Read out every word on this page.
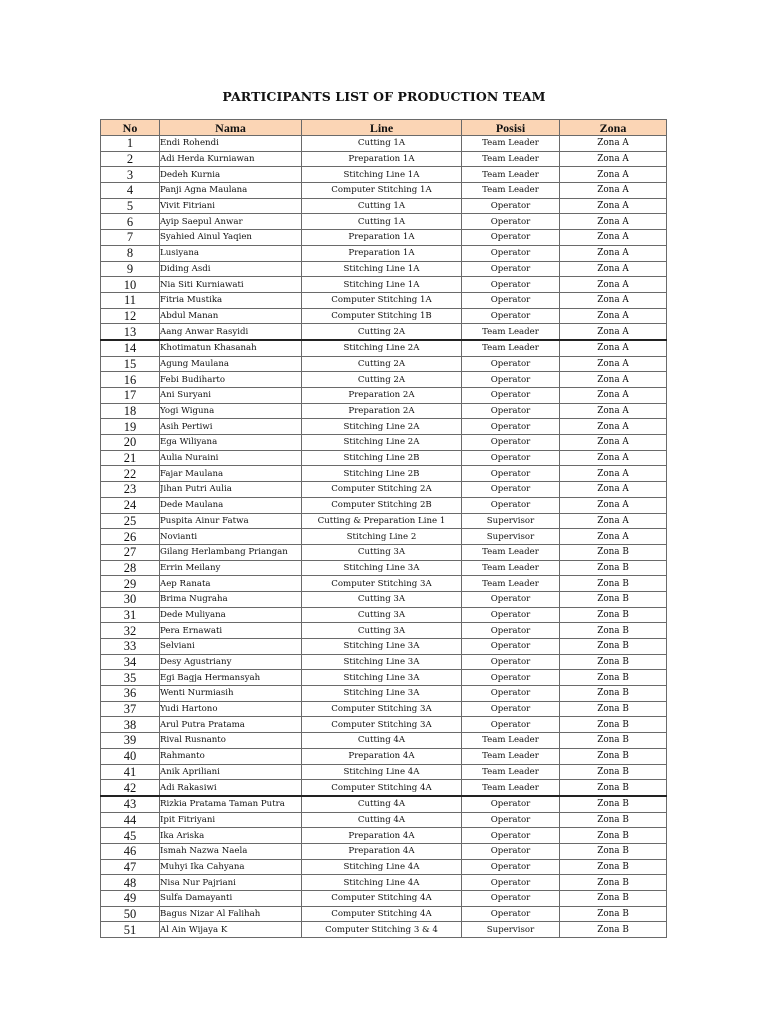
PARTICIPANTS LIST OF PRODUCTION TEAM
No	Nama	Line	Posisi	Zona
1	Endi Rohendi	Cutting 1A	Team Leader	Zona A
2	Adi Herda Kurniawan	Preparation 1A	Team Leader	Zona A
3	Dedeh Kurnia	Stitching Line 1A	Team Leader	Zona A
4	Panji Agna Maulana	Computer Stitching 1A	Team Leader	Zona A
5	Vivit Fitriani	Cutting 1A	Operator	Zona A
6	Ayip Saepul Anwar	Cutting 1A	Operator	Zona A
7	Syahied Ainul Yaqien	Preparation 1A	Operator	Zona A
8	Lusiyana	Preparation 1A	Operator	Zona A
9	Diding Asdi	Stitching Line 1A	Operator	Zona A
10	Nia Siti Kurniawati	Stitching Line 1A	Operator	Zona A
11	Fitria Mustika	Computer Stitching 1A	Operator	Zona A
12	Abdul Manan	Computer Stitching 1B	Operator	Zona A
13	Aang Anwar Rasyidi	Cutting 2A	Team Leader	Zona A
14	Khotimatun Khasanah	Stitching Line 2A	Team Leader	Zona A
15	Agung Maulana	Cutting 2A	Operator	Zona A
16	Febi Budiharto	Cutting 2A	Operator	Zona A
17	Ani Suryani	Preparation 2A	Operator	Zona A
18	Yogi Wiguna	Preparation 2A	Operator	Zona A
19	Asih Pertiwi	Stitching Line 2A	Operator	Zona A
20	Ega Wiliyana	Stitching Line 2A	Operator	Zona A
21	Aulia Nuraini	Stitching Line 2B	Operator	Zona A
22	Fajar Maulana	Stitching Line 2B	Operator	Zona A
23	Jihan Putri Aulia	Computer Stitching 2A	Operator	Zona A
24	Dede Maulana	Computer Stitching 2B	Operator	Zona A
25	Puspita Ainur Fatwa	Cutting & Preparation Line 1	Supervisor	Zona A
26	Novianti	Stitching Line 2	Supervisor	Zona A
27	Gilang Herlambang Priangan	Cutting 3A	Team Leader	Zona B
28	Errin Meilany	Stitching Line 3A	Team Leader	Zona B
29	Aep Ranata	Computer Stitching 3A	Team Leader	Zona B
30	Brima Nugraha	Cutting 3A	Operator	Zona B
31	Dede Muliyana	Cutting 3A	Operator	Zona B
32	Pera Ernawati	Cutting 3A	Operator	Zona B
33	Selviani	Stitching Line 3A	Operator	Zona B
34	Desy Agustriany	Stitching Line 3A	Operator	Zona B
35	Egi Bagja Hermansyah	Stitching Line 3A	Operator	Zona B
36	Wenti Nurmiasih	Stitching Line 3A	Operator	Zona B
37	Yudi Hartono	Computer Stitching 3A	Operator	Zona B
38	Arul Putra Pratama	Computer Stitching 3A	Operator	Zona B
39	Rival Rusnanto	Cutting 4A	Team Leader	Zona B
40	Rahmanto	Preparation 4A	Team Leader	Zona B
41	Anik Apriliani	Stitching Line 4A	Team Leader	Zona B
42	Adi Rakasiwi	Computer Stitching 4A	Team Leader	Zona B
43	Rizkia Pratama Taman Putra	Cutting 4A	Operator	Zona B
44	Ipit Fitriyani	Cutting 4A	Operator	Zona B
45	Ika Ariska	Preparation 4A	Operator	Zona B
46	Ismah Nazwa Naela	Preparation 4A	Operator	Zona B
47	Muhyi Ika Cahyana	Stitching Line 4A	Operator	Zona B
48	Nisa Nur Pajriani	Stitching Line 4A	Operator	Zona B
49	Sulfa Damayanti	Computer Stitching 4A	Operator	Zona B
50	Bagus Nizar Al Falihah	Computer Stitching 4A	Operator	Zona B
51	Al Ain Wijaya K	Computer Stitching 3 & 4	Supervisor	Zona B
